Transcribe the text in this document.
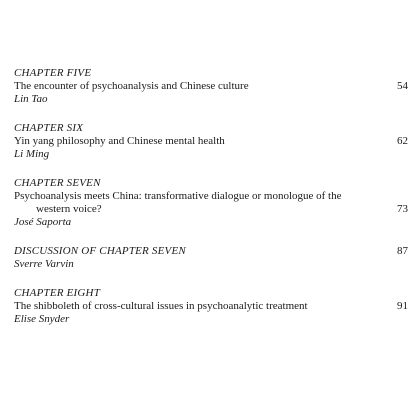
CHAPTER FIVE
The encounter of psychoanalysis and Chinese culture	54
Lin Tao
CHAPTER SIX
Yin yang philosophy and Chinese mental health	62
Li Ming
CHAPTER SEVEN
Psychoanalysis meets China: transformative dialogue or monologue of the
western voice?	73
José Saporta
DISCUSSION OF CHAPTER SEVEN	87
Sverre Varvin
CHAPTER EIGHT
The shibboleth of cross-cultural issues in psychoanalytic treatment	91
Elise Snyder
